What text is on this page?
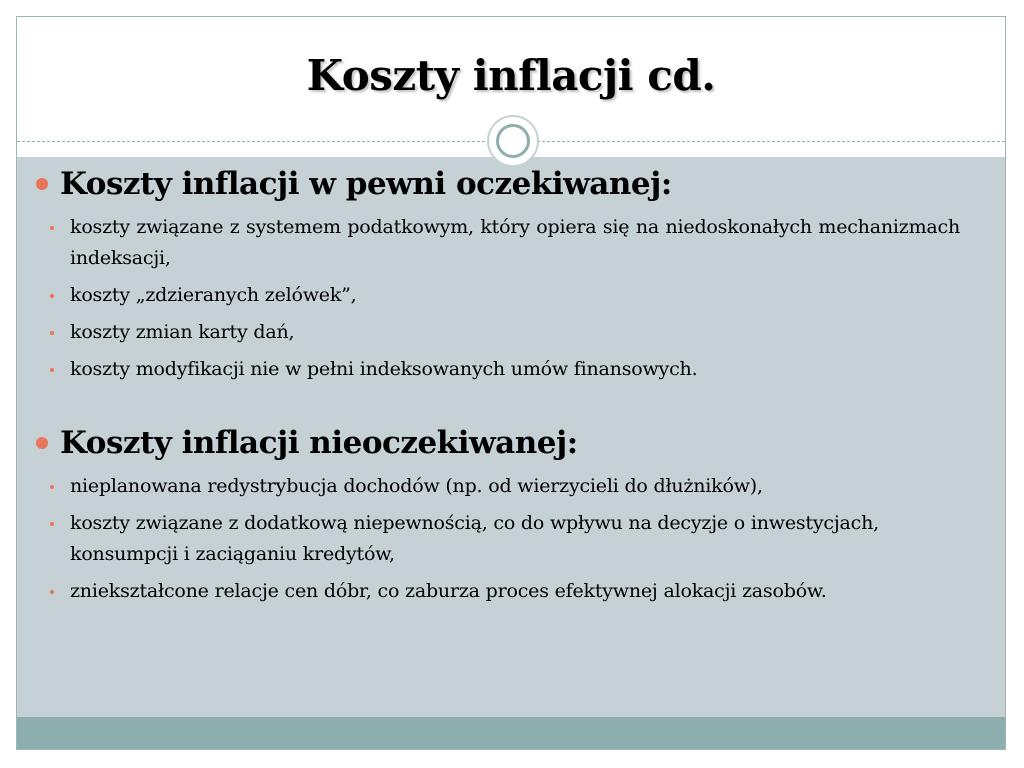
Koszty inflacji cd.
Koszty inflacji w pewni oczekiwanej:
koszty związane z systemem podatkowym, który opiera się na niedoskonałych mechanizmach indeksacji,
koszty „zdzieranych zelówek”,
koszty zmian karty dań,
koszty modyfikacji nie w pełni indeksowanych umów finansowych.
Koszty inflacji nieoczekiwanej:
nieplanowana redystrybucja dochodów (np. od wierzycieli do dłużników),
koszty związane z dodatkową niepewnością, co do wpływu na decyzje o inwestycjach, konsumpcji i zaciąganiu kredytów,
zniekształcone relacje cen dóbr, co zaburza proces efektywnej alokacji zasobów.
